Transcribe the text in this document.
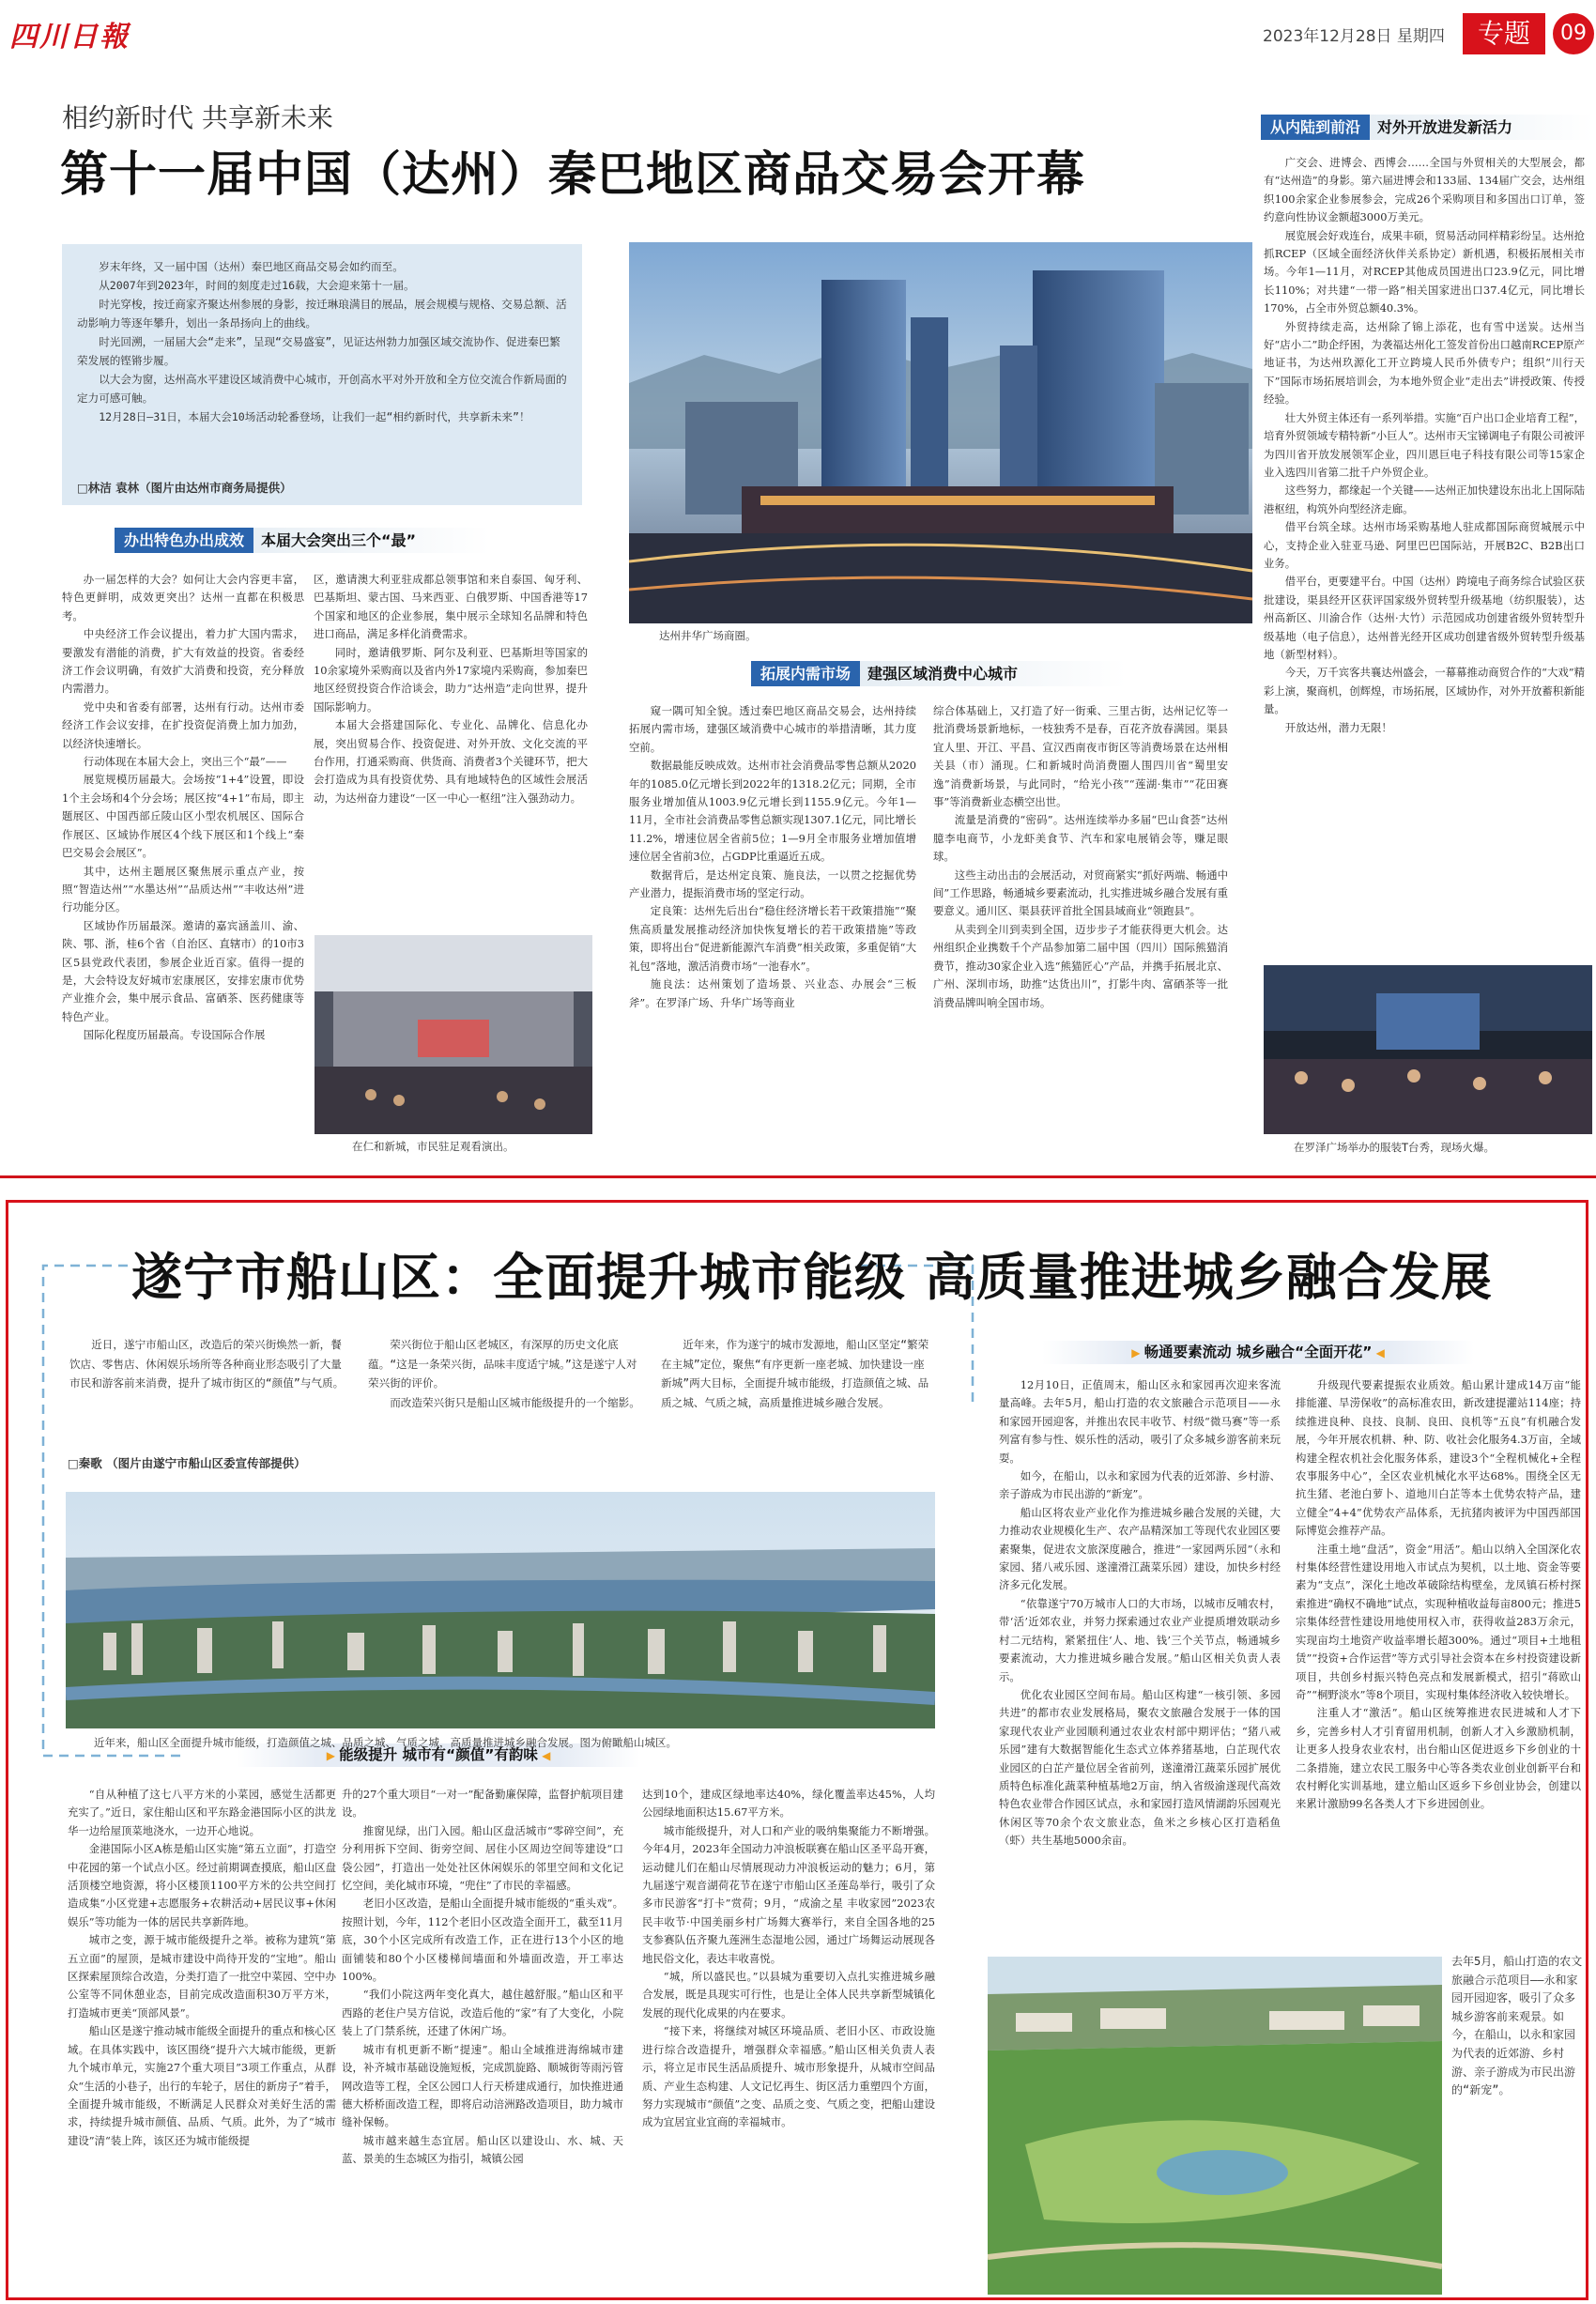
四川日報	2023年12月28日 星期四	专题	09
相约新时代 共享新未来
第十一届中国（达州）秦巴地区商品交易会开幕

岁末年终，又一届中国（达州）秦巴地区商品交易会如约而至。

从2007年到2023年，时间的刻度走过16载，大会迎来第十一届。

时光穿梭，按迁商家齐聚达州参展的身影，按迁琳琅满目的展品，展会规模与规格、交易总额、活动影响力等逐年攀升，划出一条昂扬向上的曲线。

时光回溯，一届届大会“走来”，呈现“交易盛宴”，见证达州勃力加强区域交流协作、促进秦巴繁荣发展的铿锵步履。

以大会为窗，达州高水平建设区域消费中心城市，开创高水平对外开放和全方位交流合作新局面的定力可感可触。

12月28日—31日，本届大会10场活动轮番登场，让我们一起“相约新时代，共享新未来”！

□林洁 袁林（图片由达州市商务局提供）
办出特色办出成效 本届大会突出三个“最”
拓展内需市场 建强区域消费中心城市
从内陆到前沿 对外开放进发新活力

办一届怎样的大会？如何让大会内容更丰富，特色更鲜明，成效更突出？达州一直都在积极思考。

中央经济工作会议提出，着力扩大国内需求，要激发有潜能的消费，扩大有效益的投资。省委经济工作会议明确，有效扩大消费和投资，充分释放内需潜力。

党中央和省委有部署，达州有行动。达州市委经济工作会议安排，在扩投资促消费上加力加劲，以经济快速增长。

行动体现在本届大会上，突出三个“最”——

展览规模历届最大。会场按“1+4”设置，即设1个主会场和4个分会场；展区按“4+1”布局，即主题展区、中国西部丘陵山区小型农机展区、国际合作展区、区域协作展区4个线下展区和1个线上“秦巴交易会会展区”。

其中，达州主题展区聚焦展示重点产业，按照“智造达州”“水墨达州”“品质达州”“丰收达州”进行功能分区。

区域协作历届最深。邀请的嘉宾涵盖川、渝、陕、鄂、浙，桂6个省（自治区、直辖市）的10市3区5县党政代表团，参展企业近百家。值得一提的是，大会特设友好城市宏康展区，安排宏康市优势产业推介会，集中展示食品、富硒茶、医药健康等特色产业。

国际化程度历届最高。专设国际合作展

区，邀请澳大利亚驻成都总领事馆和来自泰国、匈牙利、巴基斯坦、蒙古国、马来西亚、白俄罗斯、中国香港等17个国家和地区的企业参展，集中展示全球知名品牌和特色进口商品，满足多样化消费需求。

同时，邀请俄罗斯、阿尔及利亚、巴基斯坦等国家的10余家境外采购商以及省内外17家境内采购商，参加秦巴地区经贸投资合作洽谈会，助力“达州造”走向世界，提升国际影响力。

本届大会搭建国际化、专业化、品牌化、信息化办展，突出贸易合作、投资促进、对外开放、文化交流的平台作用，打通采购商、供货商、消费者3个关键环节，把大会打造成为具有投资优势、具有地域特色的区域性会展活动，为达州奋力建设“一区一中心一枢纽”注入强劲动力。

窥一隅可知全貌。透过秦巴地区商品交易会，达州持续拓展内需市场，建强区域消费中心城市的举措清晰，其力度空前。

数据最能反映成效。达州市社会消费品零售总额从2020年的1085.0亿元增长到2022年的1318.2亿元；同期，全市服务业增加值从1003.9亿元增长到1155.9亿元。今年1—11月，全市社会消费品零售总额实现1307.1亿元，同比增长11.2%，增速位居全省前5位；1—9月全市服务业增加值增速位居全省前3位，占GDP比重逼近五成。

数据背后，是达州定良策、施良法，一以贯之挖掘优势产业潜力，提振消费市场的坚定行动。

定良策：达州先后出台“稳住经济增长若干政策措施”“聚焦高质量发展推动经济加快恢复增长的若干政策措施”等政策，即将出台“促进新能源汽车消费”相关政策，多重促销“大礼包”落地，激活消费市场“一池春水”。

施良法：达州策划了造场景、兴业态、办展会“三板斧”。在罗泽广场、升华广场等商业

综合体基础上，又打造了好一街乘、三里古街，达州记忆等一批消费场景新地标，一枝独秀不是春，百花齐放春满园。渠县宜人里、开江、平昌、宣汉西南夜市街区等消费场景在达州相关县（市）涌现。仁和新城时尚消费圈人围四川省“蜀里安逸”消费新场景，与此同时，“给光小孩”“莲湖·集市”“花田赛事”等消费新业态横空出世。

流量是消费的“密码”。达州连续举办多届“巴山食荟”达州臆李电商节，小龙虾美食节、汽车和家电展销会等，赚足眼球。

这些主动出击的会展活动，对贸商紧实“抓好两端、畅通中间”工作思路，畅通城乡要素流动，扎实推进城乡融合发展有重要意义。通川区、渠县获评首批全国县域商业“领跑县”。

从卖到全川到卖到全国，迈步步子才能获得更大机会。达州组织企业携数千个产品参加第二届中国（四川）国际熊猫消费节，推动30家企业入选“熊猫匠心”产品，并携手拓展北京、广州、深圳市场，助推“达货出川”，打影牛肉、富硒茶等一批消费品牌叫响全国市场。

广交会、进博会、西博会……全国与外贸相关的大型展会，都有“达州造”的身影。第六届进博会和133届、134届广交会，达州组织100余家企业参展参会，完成26个采购项目和多国出口订单，签约意向性协议金额超3000万美元。

展览展会好戏连台，成果丰硕，贸易活动同样精彩纷呈。达州抢抓RCEP（区域全面经济伙伴关系协定）新机遇，积极拓展相关市场。今年1—11月，对RCEP其他成员国进出口23.9亿元，同比增长110%；对共建“一带一路”相关国家进出口37.4亿元，同比增长170%，占全市外贸总额40.3%。

外贸持续走高，达州除了锦上添花，也有雪中送炭。达州当好“店小二”助企纾困，为袭福达州化工签发首份出口越南RCEP原产地证书，为达州玖源化工开立跨境人民币外债专户；组织“川行天下”国际市场拓展培训会，为本地外贸企业“走出去”讲授政策、传授经验。

壮大外贸主体还有一系列举措。实施“百户出口企业培育工程”，培育外贸领域专精特新“小巨人”。达州市天宝锑调电子有限公司被评为四川省开放发展领军企业，四川恩巨电子科技有限公司等15家企业入选四川省第二批千户外贸企业。

这些努力，都缘起一个关键——达州正加快建设东出北上国际陆港枢纽，构筑外向型经济走廊。

借平台筑全球。达州市场采购基地人驻成都国际商贸城展示中心，支持企业入驻亚马逊、阿里巴巴国际站，开展B2C、B2B出口业务。

借平台，更要建平台。中国（达州）跨境电子商务综合试验区获批建设，渠县经开区获评国家级外贸转型升级基地（纺织服装），达州高新区、川渝合作（达州·大竹）示范园成功创建省级外贸转型升级基地（电子信息），达州普光经开区成功创建省级外贸转型升级基地（新型材料）。

今天，万千宾客共襄达州盛会，一幕幕推动商贸合作的“大戏”精彩上演，聚商机，创辉煌，市场拓展，区域协作，对外开放蓄积新能量。

开放达州，潜力无限！

达州井华广场商圈。
在仁和新城，市民驻足观看演出。	在罗泽广场举办的服装T台秀，现场火爆。
遂宁市船山区：全面提升城市能级 高质量推进城乡融合发展
▶ 畅通要素流动 城乡融合“全面开花” ◀
▶ 能级提升 城市有“颜值”有韵味 ◀

近日，遂宁市船山区，改造后的荣兴街焕然一新，餐饮店、零售店、休闲娱乐场所等各种商业形态吸引了大量市民和游客前来消费，提升了城市街区的“颜值”与气质。

荣兴街位于船山区老城区，有深厚的历史文化底蕴。“这是一条荣兴街，品味丰度适宁城。”这是遂宁人对荣兴街的评价。

而改造荣兴街只是船山区城市能级提升的一个缩影。

近年来，作为遂宁的城市发源地，船山区坚定“繁荣在主城”定位，聚焦“有序更新一座老城、加快建设一座新城”两大目标，全面提升城市能级，打造颜值之城、品质之城、气质之城，高质量推进城乡融合发展。

□秦歌 （图片由遂宁市船山区委宣传部提供）
近年来，船山区全面提升城市能级，打造颜值之城、品质之城、气质之城，高质量推进城乡融合发展。图为俯瞰船山城区。

“自从种植了这七八平方米的小菜园，感觉生活都更充实了。”近日，家住船山区和平东路金港国际小区的洪龙华一边给屋顶菜地浇水，一边开心地说。

金港国际小区A栋是船山区实施“第五立面”，打造空中花园的第一个试点小区。经过前期调查摸底，船山区盘活顶楼空地资源，将小区楼顶1100平方米的公共空间打造成集“小区党建+志愿服务+农耕活动+居民议事+休闲娱乐”等功能为一体的居民共享新阵地。

城市之变，源于城市能级提升之举。被称为建筑“第五立面”的屋顶，是城市建设中尚待开发的“宝地”。船山区探索屋顶综合改造，分类打造了一批空中菜园、空中办公室等不同休憩业态，目前完成改造面积30万平方米，打造城市更美“顶部风景”。

船山区是遂宁推动城市能级全面提升的重点和核心区域。在具体实践中，该区围绕“提升六大城市能级，更新九个城市单元，实施27个重大项目”3项工作重点，从群众“生活的小巷子，出行的车轮子，居住的新房子”着手，全面提升城市能级，不断满足人民群众对美好生活的需求，持续提升城市颜值、品质、气质。此外，为了“城市建设”清“装上阵，该区还为城市能级提

升的27个重大项目“一对一”配备勤廉保障，监督护航项目建设。

推窗见绿，出门入园。船山区盘活城市“零碎空间”，充分利用拆下空间、街旁空间、居住小区周边空间等建设“口袋公园”，打造出一处处社区休闲娱乐的邻里空间和文化记忆空间，美化城市环境，“兜住”了市民的幸福感。

老旧小区改造，是船山全面提升城市能级的“重头戏”。按照计划，今年，112个老旧小区改造全面开工，截至11月底，30个小区完成所有改造工作，正在进行13个小区的地面铺装和80个小区楼梯间墙面和外墙面改造，开工率达100%。

“我们小院这两年变化真大，越住越舒服。”船山区和平西路的老住户吴方信说，改造后他的“家”有了大变化，小院装上了门禁系统，还建了休闲广场。

城市有机更新不断“提速”。船山全域推进海绵城市建设，补齐城市基础设施短板，完成凯旋路、顺城街等雨污管网改造等工程，全区公园口人行天桥建成通行，加快推进通德大桥桥面改造工程，即将启动涪洲路改造项目，助力城市缝补保畅。

城市越来越生态宜居。船山区以建设山、水、城、天蓝、景美的生态城区为指引，城镇公园

达到10个，建成区绿地率达40%，绿化覆盖率达45%，人均公园绿地面积达15.67平方米。

城市能级提升，对人口和产业的吸纳集聚能力不断增强。今年4月，2023年全国动力冲浪板联赛在船山区圣平岛开赛，运动健儿们在船山尽情展现动力冲浪板运动的魅力；6月，第九届遂宁观音湖荷花节在遂宁市船山区圣莲岛举行，吸引了众多市民游客“打卡”赏荷；9月，“成渝之星 丰收家园”2023农民丰收节·中国美丽乡村广场舞大赛举行，来自全国各地的25支参赛队伍齐聚九莲洲生态湿地公园，通过广场舞运动展现各地民俗文化，表达丰收喜悦。

“城，所以盛民也。”以县城为重要切入点扎实推进城乡融合发展，既是具现实可行性，也是让全体人民共享新型城镇化发展的现代化成果的内在要求。

“接下来，将继续对城区环境品质、老旧小区、市政设施进行综合改造提升，增强群众幸福感。”船山区相关负责人表示，将立足市民生活品质提升、城市形象提升，从城市空间品质、产业生态构建、人文记忆再生、街区活力重塑四个方面，努力实现城市“颜值”之变、品质之变、气质之变，把船山建设成为宜居宜业宜商的幸福城市。

12月10日，正值周末，船山区永和家园再次迎来客流量高峰。去年5月，船山打造的农文旅融合示范项目——永和家园开园迎客，并推出农民丰收节、村级“微马赛”等一系列富有参与性、娱乐性的活动，吸引了众多城乡游客前来玩耍。

如今，在船山，以永和家园为代表的近郊游、乡村游、亲子游成为市民出游的“新宠”。

船山区将农业产业化作为推进城乡融合发展的关键，大力推动农业规模化生产、农产品精深加工等现代农业园区要素聚集，促进农文旅深度融合，推进“一家园两乐园”（永和家园、猪八戒乐园、遂潼滑江蔬菜乐园）建设，加快乡村经济多元化发展。

“依靠遂宁70万城市人口的大市场，以城市反哺农村，带‘活’近郊农业，并努力探索通过农业产业提质增效联动乡村二元结构，紧紧扭住‘人、地、钱’三个关节点，畅通城乡要素流动，大力推进城乡融合发展。”船山区相关负责人表示。

优化农业园区空间布局。船山区构建“一核引领、多园共进”的都市农业发展格局，聚农文旅融合发展于一体的国家现代农业产业园顺利通过农业农村部中期评估；“猪八戒乐园”建有大数据智能化生态式立体养猪基地，白芷现代农业园区的白芷产量位居全省前列，遂潼滑江蔬菜乐园扩展优质特色标准化蔬菜种植基地2万亩，纳入省级渝遂现代高效特色农业带合作园区试点，永和家园打造风情湖韵乐园观光休闲区等70余个农文旅业态，鱼米之乡核心区打造稻鱼（虾）共生基地5000余亩。

升级现代要素提振农业质效。船山累计建成14万亩“能排能灌、旱涝保收”的高标准农田，新改建提灌站114座；持续推进良种、良技、良制、良田、良机等“五良”有机融合发展，今年开展农机耕、种、防、收社会化服务4.3万亩，全域构建全程农机社会化服务体系，建设3个“全程机械化+全程农事服务中心”，全区农业机械化水平达68%。围绕全区无抗生猪、老池白萝卜、道地川白芷等本土优势农特产品，建立健全“4+4”优势农产品体系，无抗猪肉被评为中国西部国际博览会推荐产品。

注重土地“盘活”，资金“用活”。船山以纳入全国深化农村集体经营性建设用地入市试点为契机，以土地、资金等要素为“支点”，深化土地改革破除结构壁垒，龙凤镇石桥村探索推进“确权不确地”试点，实现种植收益每亩800元；推进5宗集体经营性建设用地使用权入市，获得收益283万余元，实现亩均土地资产收益率增长超300%。通过“项目+土地租赁”“投资+合作运营”等方式引导社会资本在乡村投资建设新项目，共创乡村振兴特色亮点和发展新模式，招引“蒋欧山奇”“桐野淡水”等8个项目，实现村集体经济收入较快增长。

注重人才“激活”。船山区统筹推进农民进城和人才下乡，完善乡村人才引育留用机制，创新人才入乡激励机制，让更多人投身农业农村，出台船山区促进返乡下乡创业的十二条措施，建立农民工服务中心等各类农业创业创新平台和农村孵化实训基地，建立船山区返乡下乡创业协会，创建以来累计激励99名各类人才下乡进园创业。

去年5月，船山打造的农文旅融合示范项目——永和家园开园迎客，吸引了众多城乡游客前来观景。如今，在船山，以永和家园为代表的近郊游、乡村游、亲子游成为市民出游的“新宠”。
